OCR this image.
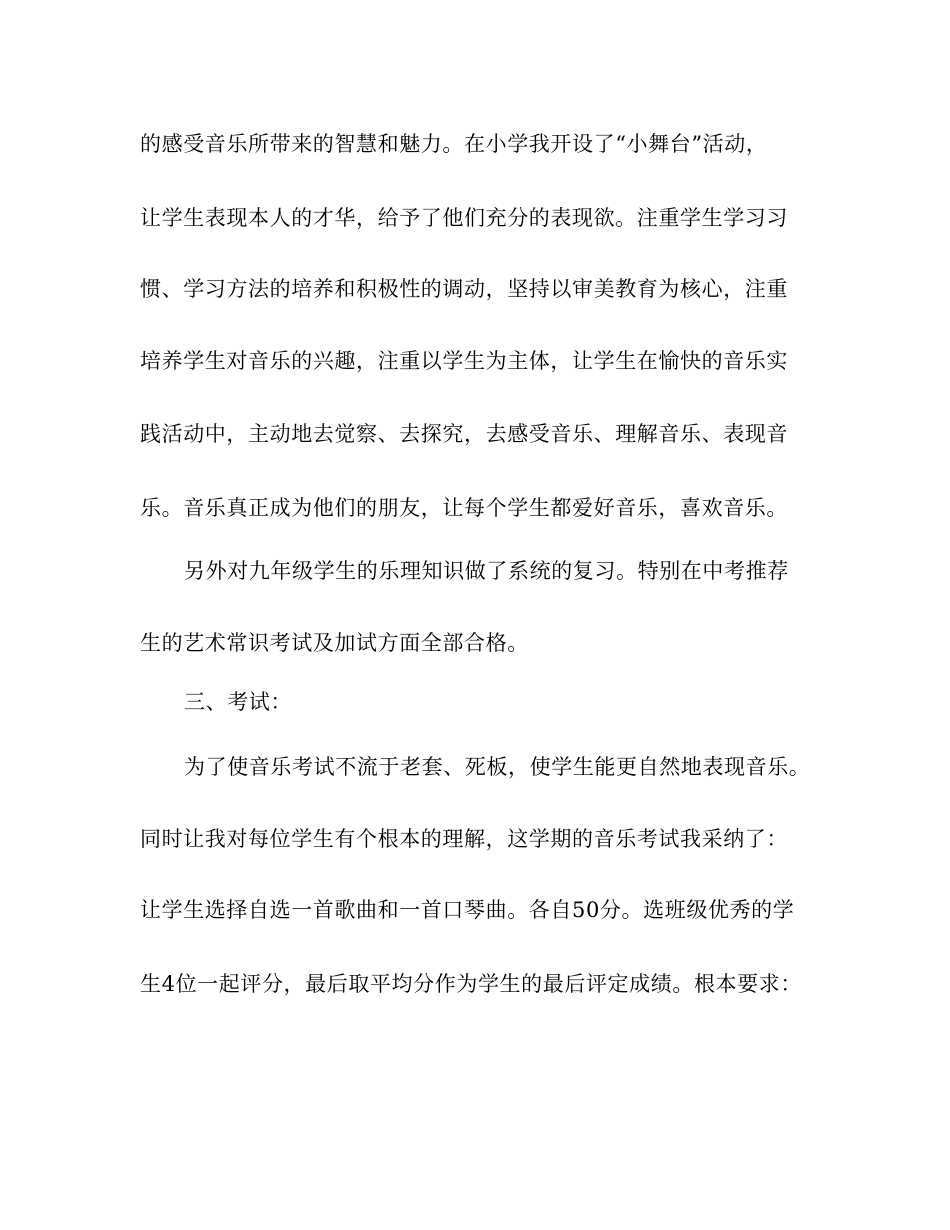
的感受音乐所带来的智慧和魅力。在小学我开设了“小舞台”活动，
让学生表现本人的才华，给予了他们充分的表现欲。注重学生学习习
惯、学习方法的培养和积极性的调动，坚持以审美教育为核心，注重
培养学生对音乐的兴趣，注重以学生为主体，让学生在愉快的音乐实
践活动中，主动地去觉察、去探究，去感受音乐、理解音乐、表现音
乐。音乐真正成为他们的朋友，让每个学生都爱好音乐，喜欢音乐。
另外对九年级学生的乐理知识做了系统的复习。特别在中考推荐
生的艺术常识考试及加试方面全部合格。
三、考试：
为了使音乐考试不流于老套、死板，使学生能更自然地表现音乐。
同时让我对每位学生有个根本的理解，这学期的音乐考试我采纳了：
让学生选择自选一首歌曲和一首口琴曲。各自50分。选班级优秀的学
生4位一起评分，最后取平均分作为学生的最后评定成绩。根本要求：
